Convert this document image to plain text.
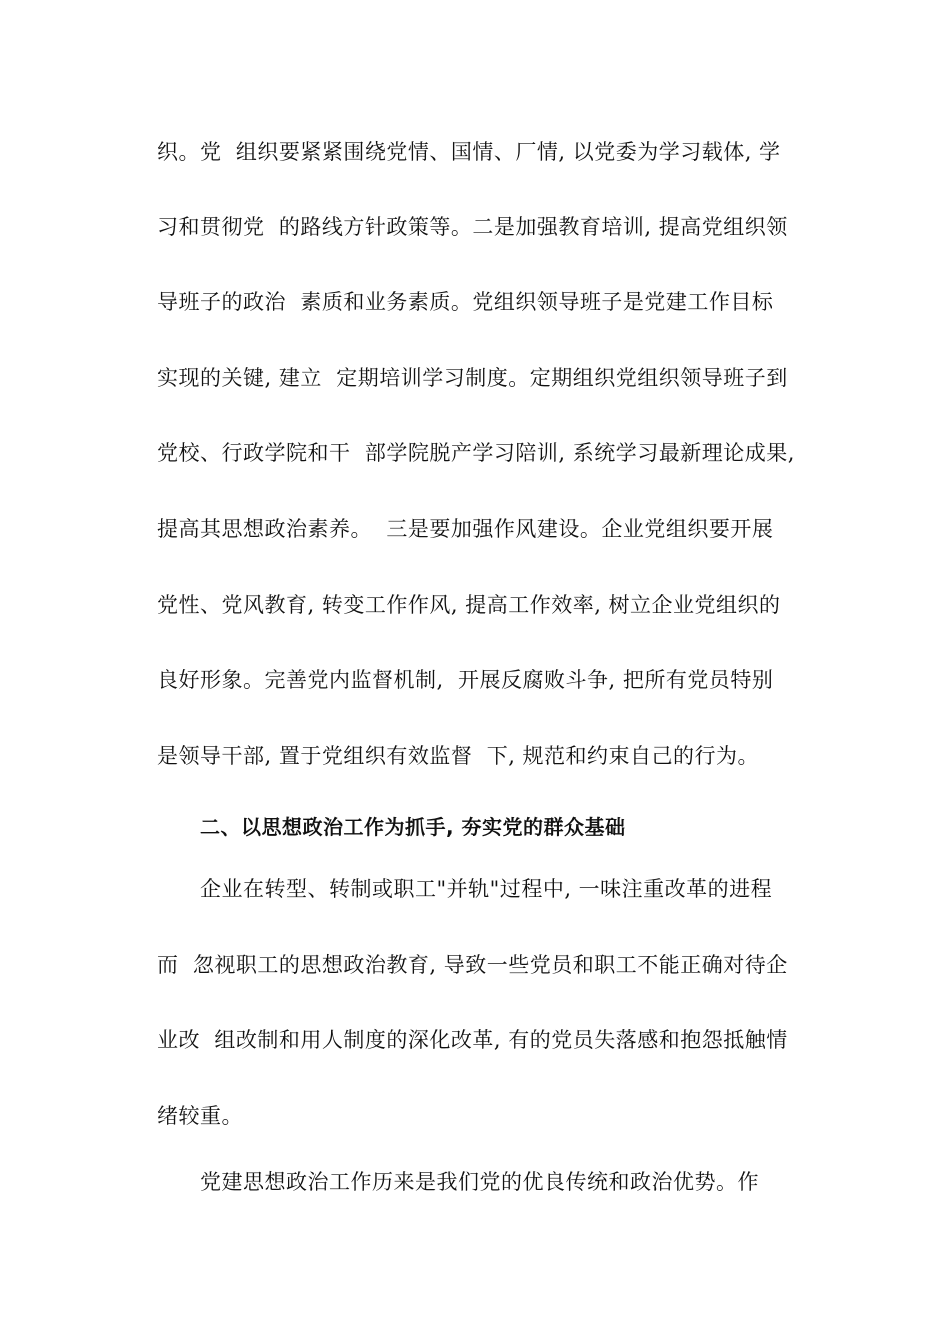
织。党  组织要紧紧围绕党情、国情、厂情, 以党委为学习载体, 学
习和贯彻党  的路线方针政策等。二是加强教育培训, 提高党组织领
导班子的政治  素质和业务素质。党组织领导班子是党建工作目标
实现的关键, 建立  定期培训学习制度。定期组织党组织领导班子到
党校、行政学院和干  部学院脱产学习陪训, 系统学习最新理论成果,
提高其思想政治素养。  三是要加强作风建设。企业党组织要开展
党性、党风教育, 转变工作作风, 提高工作效率, 树立企业党组织的
良好形象。完善党内监督机制,  开展反腐败斗争, 把所有党员特别
是领导干部, 置于党组织有效监督  下, 规范和约束自己的行为。
二、以思想政治工作为抓手, 夯实党的群众基础
企业在转型、转制或职工"并轨"过程中, 一味注重改革的进程
而  忽视职工的思想政治教育, 导致一些党员和职工不能正确对待企
业改  组改制和用人制度的深化改革, 有的党员失落感和抱怨抵触情
绪较重。
党建思想政治工作历来是我们党的优良传统和政治优势。作
